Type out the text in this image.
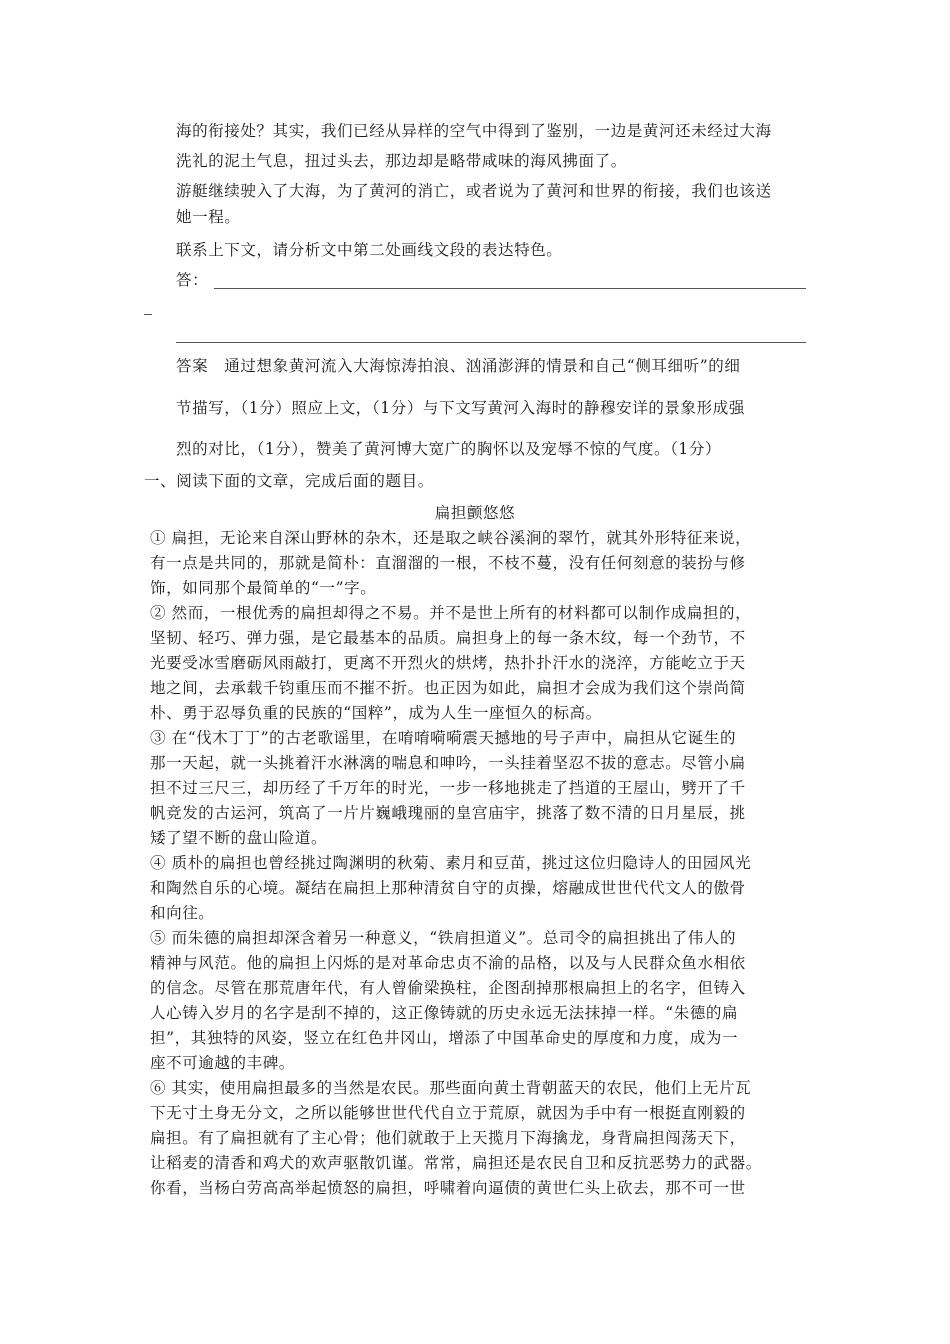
海的衔接处？其实，我们已经从异样的空气中得到了鉴别，一边是黄河还未经过大海
洗礼的泥土气息，扭过头去，那边却是略带咸味的海风拂面了。
游艇继续驶入了大海，为了黄河的消亡，或者说为了黄河和世界的衔接，我们也该送
她一程。
联系上下文，请分析文中第二处画线文段的表达特色。
答：
答案　通过想象黄河流入大海惊涛拍浪、汹涌澎湃的情景和自己“侧耳细听”的细
节描写，（1分）照应上文，（1分）与下文写黄河入海时的静穆安详的景象形成强
烈的对比，（1分），赞美了黄河博大宽广的胸怀以及宠辱不惊的气度。（1分）
一、阅读下面的文章，完成后面的题目。
扁担颤悠悠
① 扁担，无论来自深山野林的杂木，还是取之峡谷溪涧的翠竹，就其外形特征来说，
有一点是共同的，那就是简朴：直溜溜的一根，不枝不蔓，没有任何刻意的装扮与修
饰，如同那个最简单的“一”字。
② 然而，一根优秀的扁担却得之不易。并不是世上所有的材料都可以制作成扁担的，
坚韧、轻巧、弹力强，是它最基本的品质。扁担身上的每一条木纹，每一个劲节，不
光要受冰雪磨砺风雨敲打，更离不开烈火的烘烤，热扑扑汗水的浇淬，方能屹立于天
地之间，去承载千钧重压而不摧不折。也正因为如此，扁担才会成为我们这个崇尚简
朴、勇于忍辱负重的民族的“国粹”，成为人生一座恒久的标高。
③ 在“伐木丁丁”的古老歌谣里，在唷唷嗬嗬震天撼地的号子声中，扁担从它诞生的
那一天起，就一头挑着汗水淋漓的喘息和呻吟，一头挂着坚忍不拔的意志。尽管小扁
担不过三尺三，却历经了千万年的时光，一步一移地挑走了挡道的王屋山，劈开了千
帆竞发的古运河，筑高了一片片巍峨瑰丽的皇宫庙宇，挑落了数不清的日月星辰，挑
矮了望不断的盘山险道。
④ 质朴的扁担也曾经挑过陶渊明的秋菊、素月和豆苗，挑过这位归隐诗人的田园风光
和陶然自乐的心境。凝结在扁担上那种清贫自守的贞操，熔融成世世代代文人的傲骨
和向往。
⑤ 而朱德的扁担却深含着另一种意义，“铁肩担道义”。总司令的扁担挑出了伟人的
精神与风范。他的扁担上闪烁的是对革命忠贞不渝的品格，以及与人民群众鱼水相依
的信念。尽管在那荒唐年代，有人曾偷梁换柱，企图刮掉那根扁担上的名字，但铸入
人心铸入岁月的名字是刮不掉的，这正像铸就的历史永远无法抹掉一样。“朱德的扁
担”，其独特的风姿，竖立在红色井冈山，增添了中国革命史的厚度和力度，成为一
座不可逾越的丰碑。
⑥ 其实，使用扁担最多的当然是农民。那些面向黄土背朝蓝天的农民，他们上无片瓦
下无寸土身无分文，之所以能够世世代代自立于荒原，就因为手中有一根挺直刚毅的
扁担。有了扁担就有了主心骨；他们就敢于上天揽月下海擒龙，身背扁担闯荡天下，
让稻麦的清香和鸡犬的欢声驱散饥谨。常常，扁担还是农民自卫和反抗恶势力的武器。
你看，当杨白劳高高举起愤怒的扁担，呼啸着向逼债的黄世仁头上砍去，那不可一世
